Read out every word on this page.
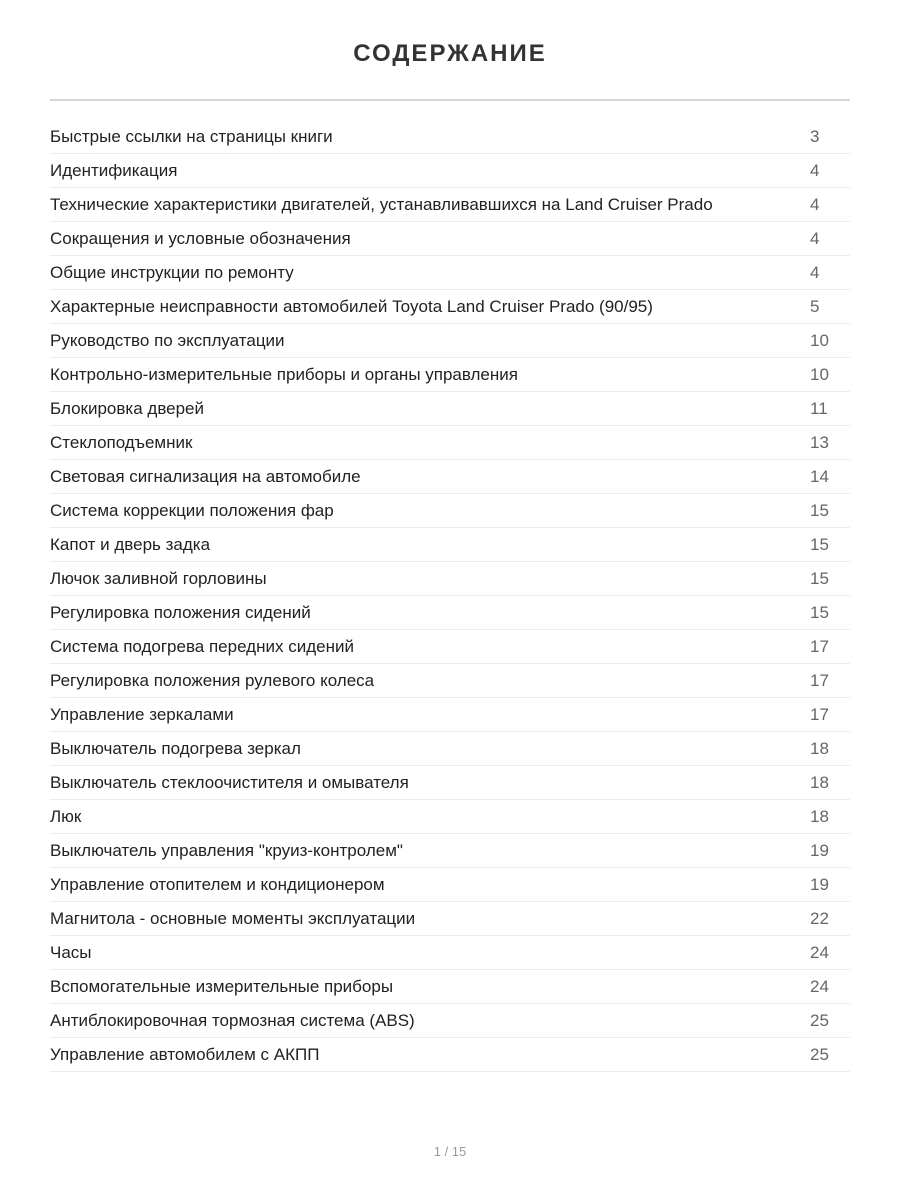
СОДЕРЖАНИЕ
Быстрые ссылки на страницы книги	3
Идентификация	4
Технические характеристики двигателей, устанавливавшихся на Land Cruiser Prado	4
Сокращения и условные обозначения	4
Общие инструкции по ремонту	4
Характерные неисправности автомобилей Toyota Land Cruiser Prado (90/95)	5
Руководство по эксплуатации	10
Контрольно-измерительные приборы и органы управления	10
Блокировка дверей	11
Стеклоподъемник	13
Световая сигнализация на автомобиле	14
Система коррекции положения фар	15
Капот и дверь задка	15
Лючок заливной горловины	15
Регулировка положения сидений	15
Система подогрева передних сидений	17
Регулировка положения рулевого колеса	17
Управление зеркалами	17
Выключатель подогрева зеркал	18
Выключатель стеклоочистителя и омывателя	18
Люк	18
Выключатель управления "круиз-контролем"	19
Управление отопителем и кондиционером	19
Магнитола - основные моменты эксплуатации	22
Часы	24
Вспомогательные измерительные приборы	24
Антиблокировочная тормозная система (ABS)	25
Управление автомобилем с АКПП	25
1 / 15
